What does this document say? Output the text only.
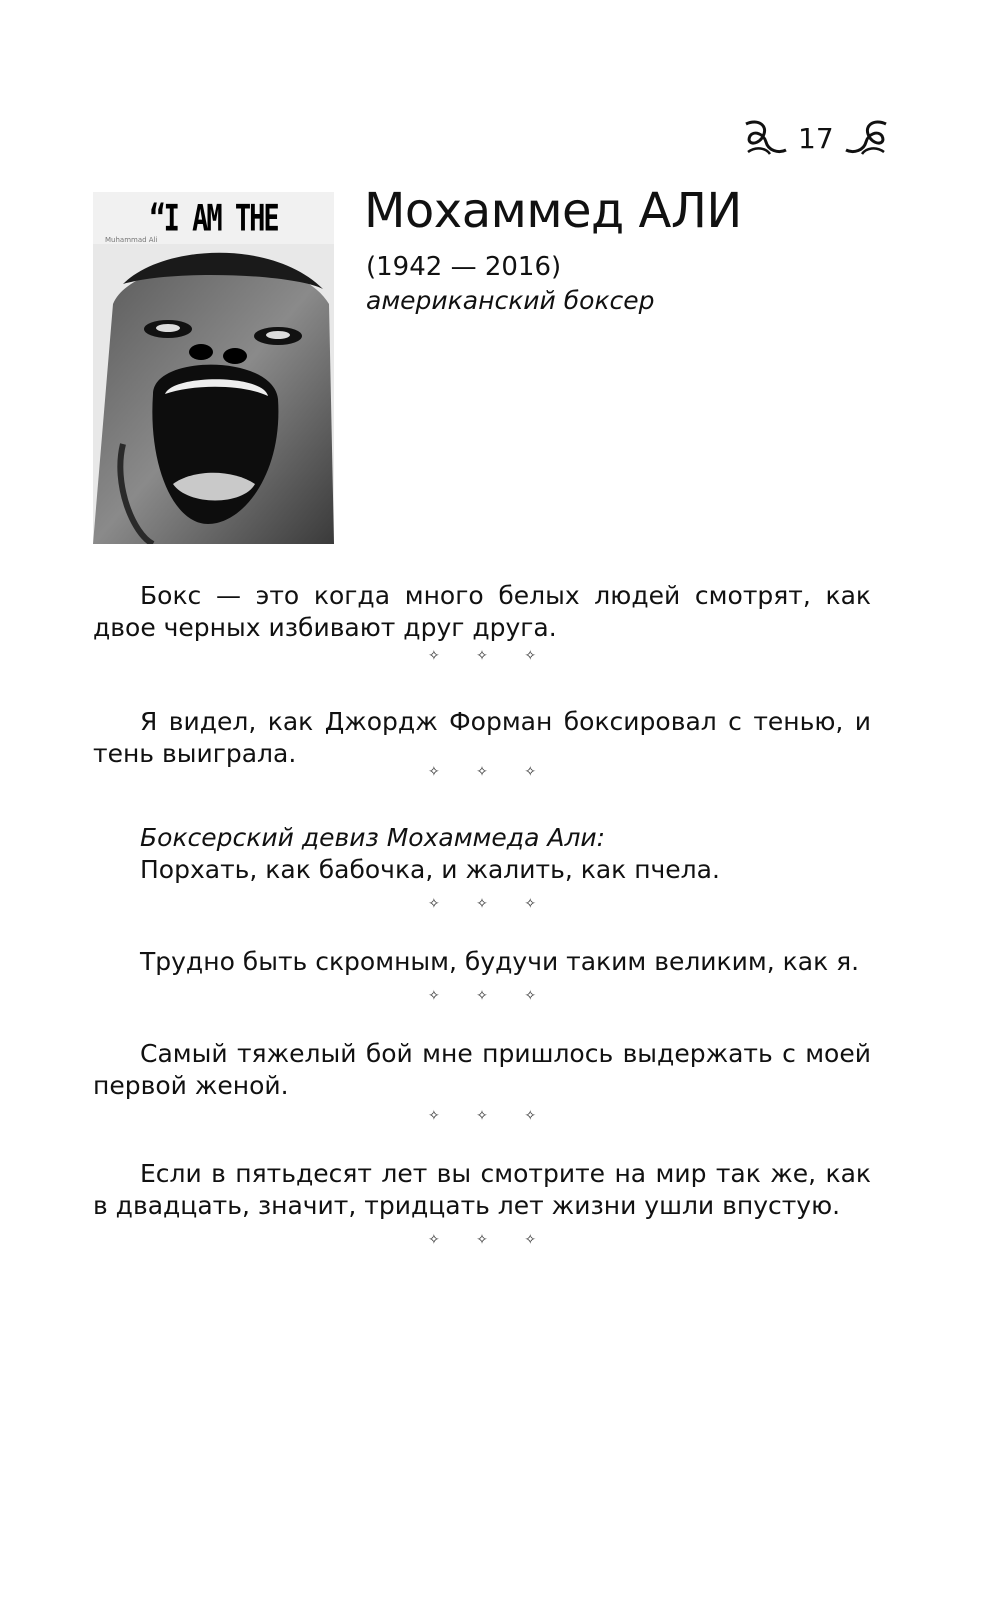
17
“I AM THE
Muhammad Ali
Мохаммед АЛИ
(1942 — 2016)
американский боксер

Бокс — это когда много белых людей смотрят, как двое черных избивают друг друга.

✧ ✧ ✧

Я видел, как Джордж Форман боксировал с тенью, и тень выиграла.

✧ ✧ ✧

Боксерский девиз Мохаммеда Али:

Порхать, как бабочка, и жалить, как пчела.

✧ ✧ ✧

Трудно быть скромным, будучи таким великим, как я.

✧ ✧ ✧

Самый тяжелый бой мне пришлось выдержать с моей первой женой.

✧ ✧ ✧

Если в пятьдесят лет вы смотрите на мир так же, как в двадцать, значит, тридцать лет жизни ушли впустую.

✧ ✧ ✧
